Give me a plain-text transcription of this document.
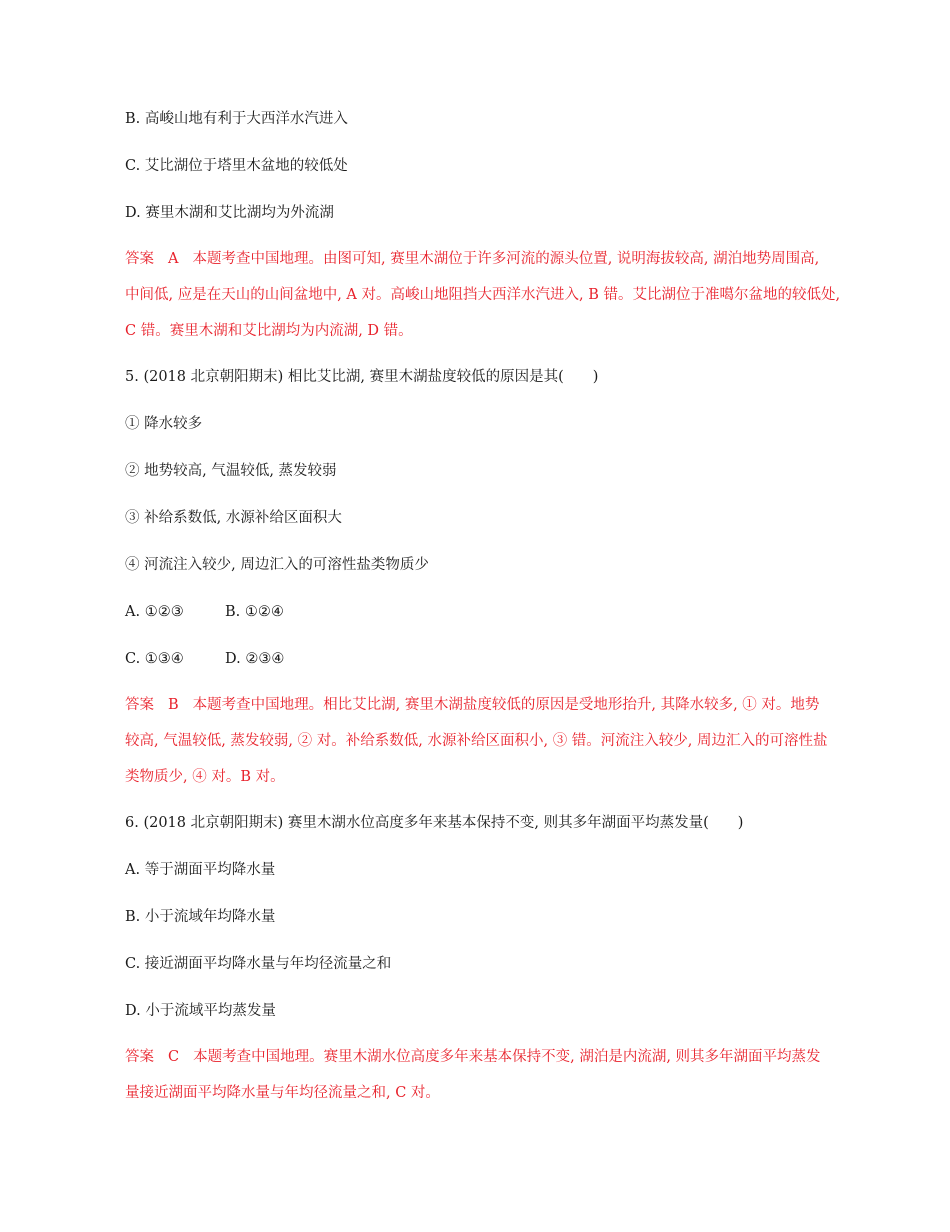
B. 高峻山地有利于大西洋水汽进入
C. 艾比湖位于塔里木盆地的较低处
D. 赛里木湖和艾比湖均为外流湖
答案 A 本题考查中国地理。由图可知, 赛里木湖位于许多河流的源头位置, 说明海拔较高, 湖泊地势周围高,
中间低, 应是在天山的山间盆地中, A 对。高峻山地阻挡大西洋水汽进入, B 错。艾比湖位于准噶尔盆地的较低处,
C 错。赛里木湖和艾比湖均为内流湖, D 错。
5. (2018 北京朝阳期末) 相比艾比湖, 赛里木湖盐度较低的原因是其(　　)
① 降水较多
② 地势较高, 气温较低, 蒸发较弱
③ 补给系数低, 水源补给区面积大
④ 河流注入较少, 周边汇入的可溶性盐类物质少
A. ①②③	B. ①②④
C. ①③④	D. ②③④
答案 B 本题考查中国地理。相比艾比湖, 赛里木湖盐度较低的原因是受地形抬升, 其降水较多, ① 对。地势
较高, 气温较低, 蒸发较弱, ② 对。补给系数低, 水源补给区面积小, ③ 错。河流注入较少, 周边汇入的可溶性盐
类物质少, ④ 对。B 对。
6. (2018 北京朝阳期末) 赛里木湖水位高度多年来基本保持不变, 则其多年湖面平均蒸发量(　　)
A. 等于湖面平均降水量
B. 小于流域年均降水量
C. 接近湖面平均降水量与年均径流量之和
D. 小于流域平均蒸发量
答案 C 本题考查中国地理。赛里木湖水位高度多年来基本保持不变, 湖泊是内流湖, 则其多年湖面平均蒸发
量接近湖面平均降水量与年均径流量之和, C 对。
